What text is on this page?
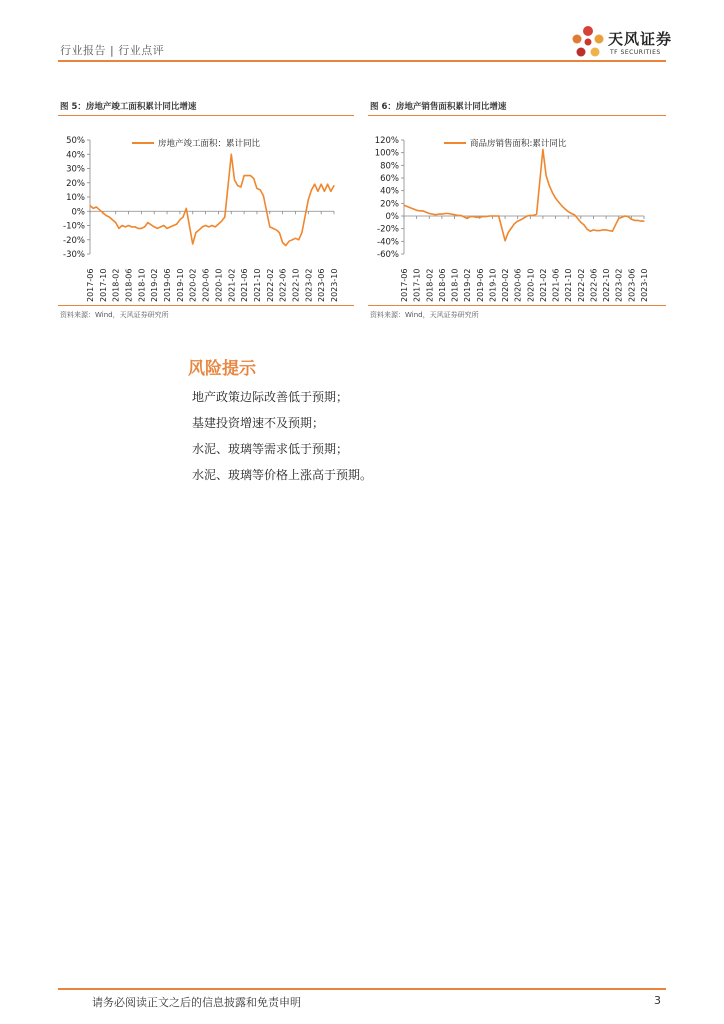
行业报告 | 行业点评
天风证券
TF SECURITIES
图 5：房地产竣工面积累计同比增速
50%
40%
30%
20%
10%
0%
-10%
-20%
-30%
2017-06 2017-10 2018-02 2018-06 2018-10 2019-02 2019-06 2019-10 2020-02 2020-06 2020-10 2021-02 2021-06 2021-10 2022-02 2022-06 2022-10 2023-02 2023-06 2023-10
房地产竣工面积：累计同比
资料来源：Wind，天风证券研究所
图 6：房地产销售面积累计同比增速
120%
100%
80%
60%
40%
20%
0%
-20%
-40%
-60%
2017-06 2017-10 2018-02 2018-06 2018-10 2019-02 2019-06 2019-10 2020-02 2020-06 2020-10 2021-02 2021-06 2021-10 2022-02 2022-06 2022-10 2023-02 2023-06 2023-10
商品房销售面积:累计同比
资料来源：Wind，天风证券研究所
风险提示
地产政策边际改善低于预期；
基建投资增速不及预期；
水泥、玻璃等需求低于预期；
水泥、玻璃等价格上涨高于预期。
请务必阅读正文之后的信息披露和免责申明	3
